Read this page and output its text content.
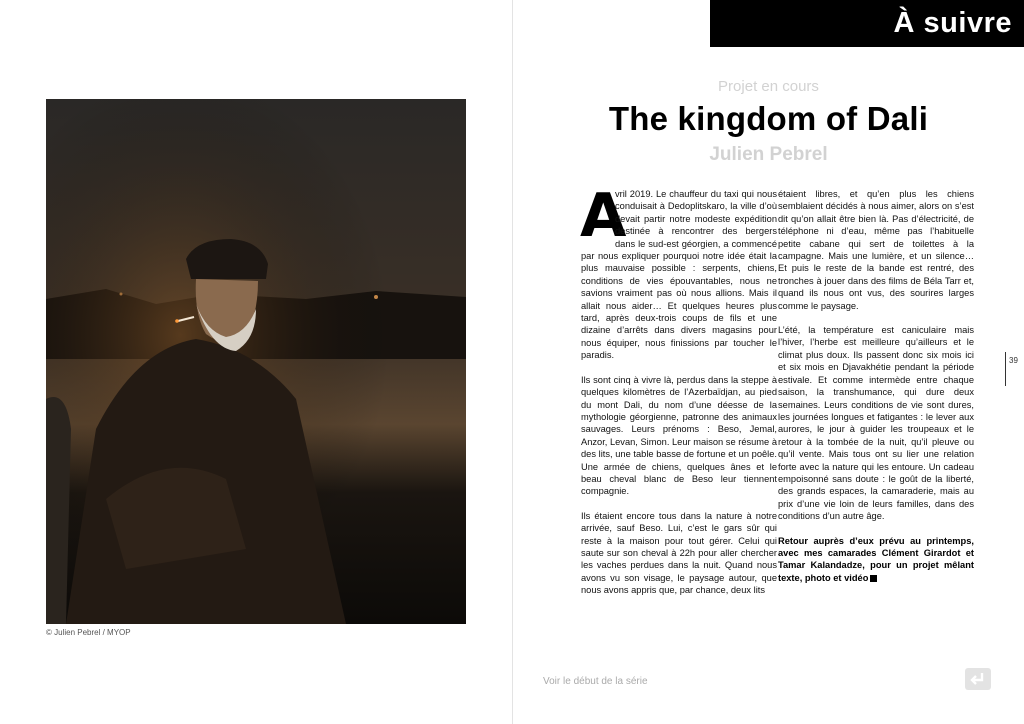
© Julien Pebrel / MYOP
À suivre
Projet en cours
The kingdom of Dali
Julien Pebrel

A
vril 2019. Le chauffeur du taxi qui nous conduisait à Dedoplitskaro, la ville d’où devait partir notre modeste expédition destinée à rencontrer des bergers dans le sud-est géorgien, a commencé par nous expliquer pourquoi notre idée était la plus mauvaise possible : serpents, chiens, conditions de vies épouvantables, nous ne savions vraiment pas où nous allions. Mais il allait nous aider… Et quelques heures plus tard, après deux-trois coups de fils et une dizaine d’arrêts dans divers magasins pour nous équiper, nous finissions par toucher le paradis.

Ils sont cinq à vivre là, perdus dans la steppe à quelques kilomètres de l’Azerbaïdjan, au pied du mont Dali, du nom d’une déesse de la mythologie géorgienne, patronne des animaux sauvages. Leurs prénoms : Beso, Jemal, Anzor, Levan, Simon. Leur maison se résume à des lits, une table basse de fortune et un poêle. Une armée de chiens, quelques ânes et le beau cheval blanc de Beso leur tiennent compagnie.

Ils étaient encore tous dans la nature à notre arrivée, sauf Beso. Lui, c’est le gars sûr qui reste à la maison pour tout gérer. Celui qui saute sur son cheval à 22h pour aller chercher les vaches perdues dans la nuit. Quand nous avons vu son visage, le paysage autour, que nous avons appris que, par chance, deux lits

étaient libres, et qu’en plus les chiens semblaient décidés à nous aimer, alors on s’est dit qu’on allait être bien là. Pas d’électricité, de téléphone ni d’eau, même pas l’habituelle petite cabane qui sert de toilettes à la campagne. Mais une lumière, et un silence… Et puis le reste de la bande est rentré, des tronches à jouer dans des films de Béla Tarr et, quand ils nous ont vus, des sourires larges comme le paysage.

L’été, la température est caniculaire mais l’hiver, l’herbe est meilleure qu’ailleurs et le climat plus doux. Ils passent donc six mois ici et six mois en Djavakhétie pendant la période estivale. Et comme intermède entre chaque saison, la transhumance, qui dure deux semaines. Leurs conditions de vie sont dures, les journées longues et fatigantes : le lever aux aurores, le jour à guider les troupeaux et le retour à la tombée de la nuit, qu’il pleuve ou qu’il vente. Mais tous ont su lier une relation forte avec la nature qui les entoure. Un cadeau empoisonné sans doute : le goût de la liberté, des grands espaces, la camaraderie, mais au prix d’une vie loin de leurs familles, dans des conditions d’un autre âge.

Retour auprès d’eux prévu au printemps, avec mes camarades Clément Girardot et Tamar Kalandadze, pour un projet mêlant texte, photo et vidéo

39
Voir le début de la série
